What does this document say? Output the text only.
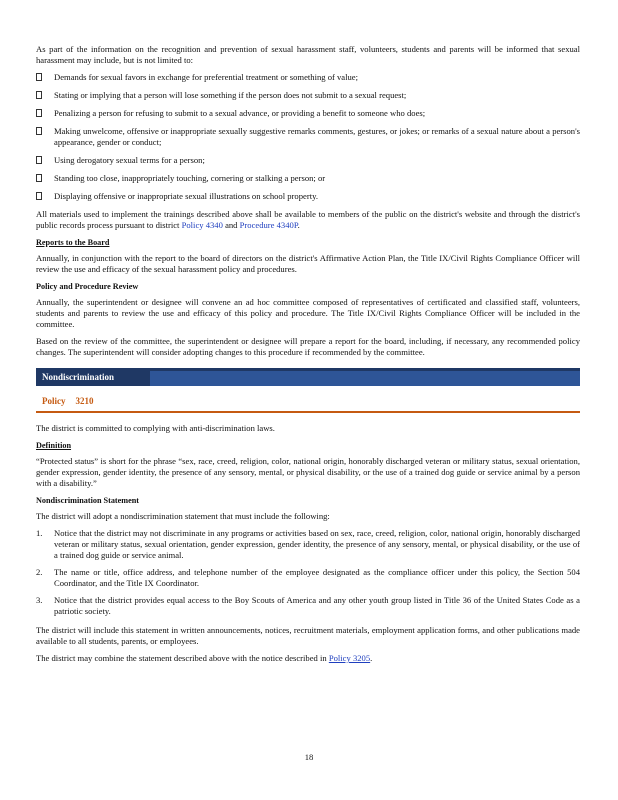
As part of the information on the recognition and prevention of sexual harassment staff, volunteers, students and parents will be informed that sexual harassment may include, but is not limited to:

Demands for sexual favors in exchange for preferential treatment or something of value;
Stating or implying that a person will lose something if the person does not submit to a sexual request;
Penalizing a person for refusing to submit to a sexual advance, or providing a benefit to someone who does;
Making unwelcome, offensive or inappropriate sexually suggestive remarks comments, gestures, or jokes; or remarks of a sexual nature about a person's appearance, gender or conduct;
Using derogatory sexual terms for a person;
Standing too close, inappropriately touching, cornering or stalking a person; or
Displaying offensive or inappropriate sexual illustrations on school property.

All materials used to implement the trainings described above shall be available to members of the public on the district's website and through the district's public records process pursuant to district Policy 4340 and Procedure 4340P.

Reports to the Board

Annually, in conjunction with the report to the board of directors on the district's Affirmative Action Plan, the Title IX/Civil Rights Compliance Officer will review the use and efficacy of the sexual harassment policy and procedures.

Policy and Procedure Review

Annually, the superintendent or designee will convene an ad hoc committee composed of representatives of certificated and classified staff, volunteers, students and parents to review the use and efficacy of this policy and procedure. The Title IX/Civil Rights Compliance Officer will be included in the committee.

Based on the review of the committee, the superintendent or designee will prepare a report for the board, including, if necessary, any recommended policy changes. The superintendent will consider adopting changes to this procedure if recommended by the committee.

Nondiscrimination
Policy 3210

The district is committed to complying with anti-discrimination laws.

Definition

“Protected status” is short for the phrase “sex, race, creed, religion, color, national origin, honorably discharged veteran or military status, sexual orientation, gender expression, gender identity, the presence of any sensory, mental, or physical disability, or the use of a trained dog guide or service animal by a person with a disability.”

Nondiscrimination Statement

The district will adopt a nondiscrimination statement that must include the following:

1. Notice that the district may not discriminate in any programs or activities based on sex, race, creed, religion, color, national origin, honorably discharged veteran or military status, sexual orientation, gender expression, gender identity, the presence of any sensory, mental, or physical disability, or the use of a trained dog guide or service animal.
2. The name or title, office address, and telephone number of the employee designated as the compliance officer under this policy, the Section 504 Coordinator, and the Title IX Coordinator.
3. Notice that the district provides equal access to the Boy Scouts of America and any other youth group listed in Title 36 of the United States Code as a patriotic society.

The district will include this statement in written announcements, notices, recruitment materials, employment application forms, and other publications made available to all students, parents, or employees.

The district may combine the statement described above with the notice described in Policy 3205.

18
